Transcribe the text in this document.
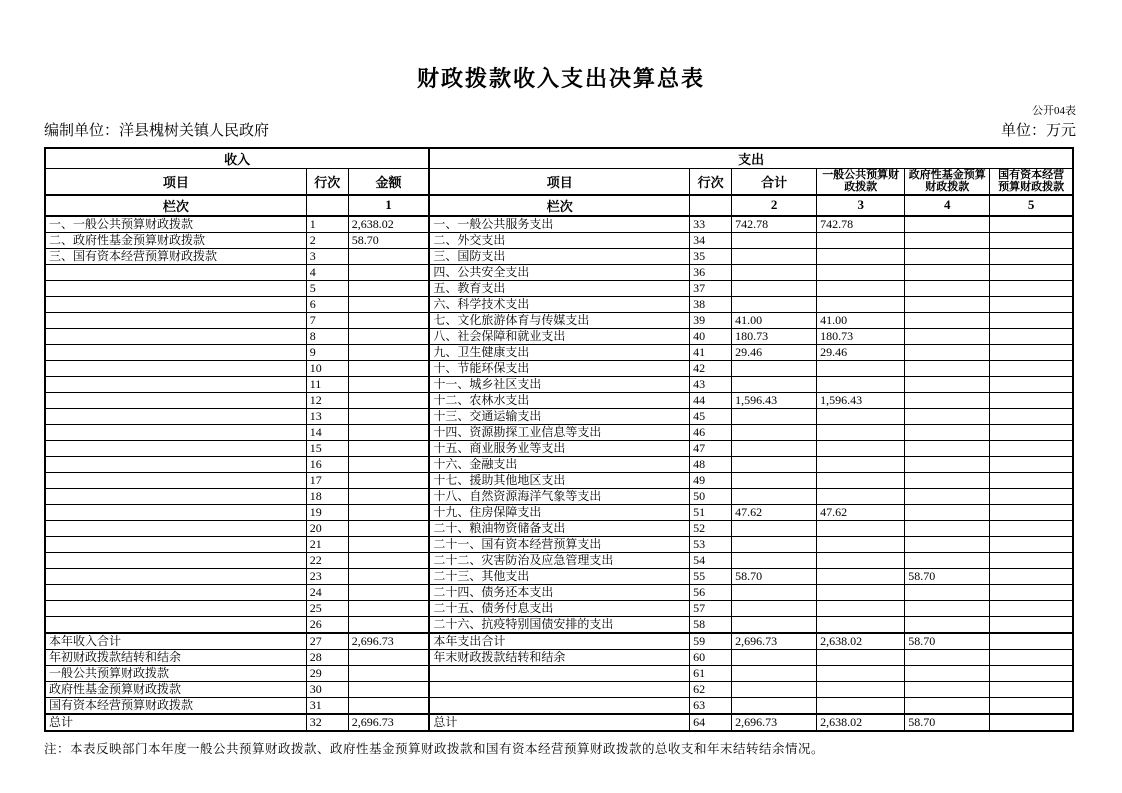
财政拨款收入支出决算总表
公开04表
编制单位：洋县槐树关镇人民政府	单位：万元
收入			支出					
项目	行次	金额	项目	行次	合计	一般公共预算财政拨款	政府性基金预算财政拨款	国有资本经营预算财政拨款
栏次		1	栏次		2	3	4	5
一、一般公共预算财政拨款	1	2,638.02	一、一般公共服务支出	33	742.78	742.78		
二、政府性基金预算财政拨款	2	58.70	二、外交支出	34				
三、国有资本经营预算财政拨款	3		三、国防支出	35				
	4		四、公共安全支出	36				
	5		五、教育支出	37				
	6		六、科学技术支出	38				
	7		七、文化旅游体育与传媒支出	39	41.00	41.00		
	8		八、社会保障和就业支出	40	180.73	180.73		
	9		九、卫生健康支出	41	29.46	29.46		
	10		十、节能环保支出	42				
	11		十一、城乡社区支出	43				
	12		十二、农林水支出	44	1,596.43	1,596.43		
	13		十三、交通运输支出	45				
	14		十四、资源勘探工业信息等支出	46				
	15		十五、商业服务业等支出	47				
	16		十六、金融支出	48				
	17		十七、援助其他地区支出	49				
	18		十八、自然资源海洋气象等支出	50				
	19		十九、住房保障支出	51	47.62	47.62		
	20		二十、粮油物资储备支出	52				
	21		二十一、国有资本经营预算支出	53				
	22		二十二、灾害防治及应急管理支出	54				
	23		二十三、其他支出	55	58.70		58.70	
	24		二十四、债务还本支出	56				
	25		二十五、债务付息支出	57				
	26		二十六、抗疫特别国债安排的支出	58				
本年收入合计	27	2,696.73	本年支出合计	59	2,696.73	2,638.02	58.70	
年初财政拨款结转和结余	28		年末财政拨款结转和结余	60				
一般公共预算财政拨款	29			61				
政府性基金预算财政拨款	30			62				
国有资本经营预算财政拨款	31			63				
总计	32	2,696.73	总计	64	2,696.73	2,638.02	58.70	
注：本表反映部门本年度一般公共预算财政拨款、政府性基金预算财政拨款和国有资本经营预算财政拨款的总收支和年末结转结余情况。
